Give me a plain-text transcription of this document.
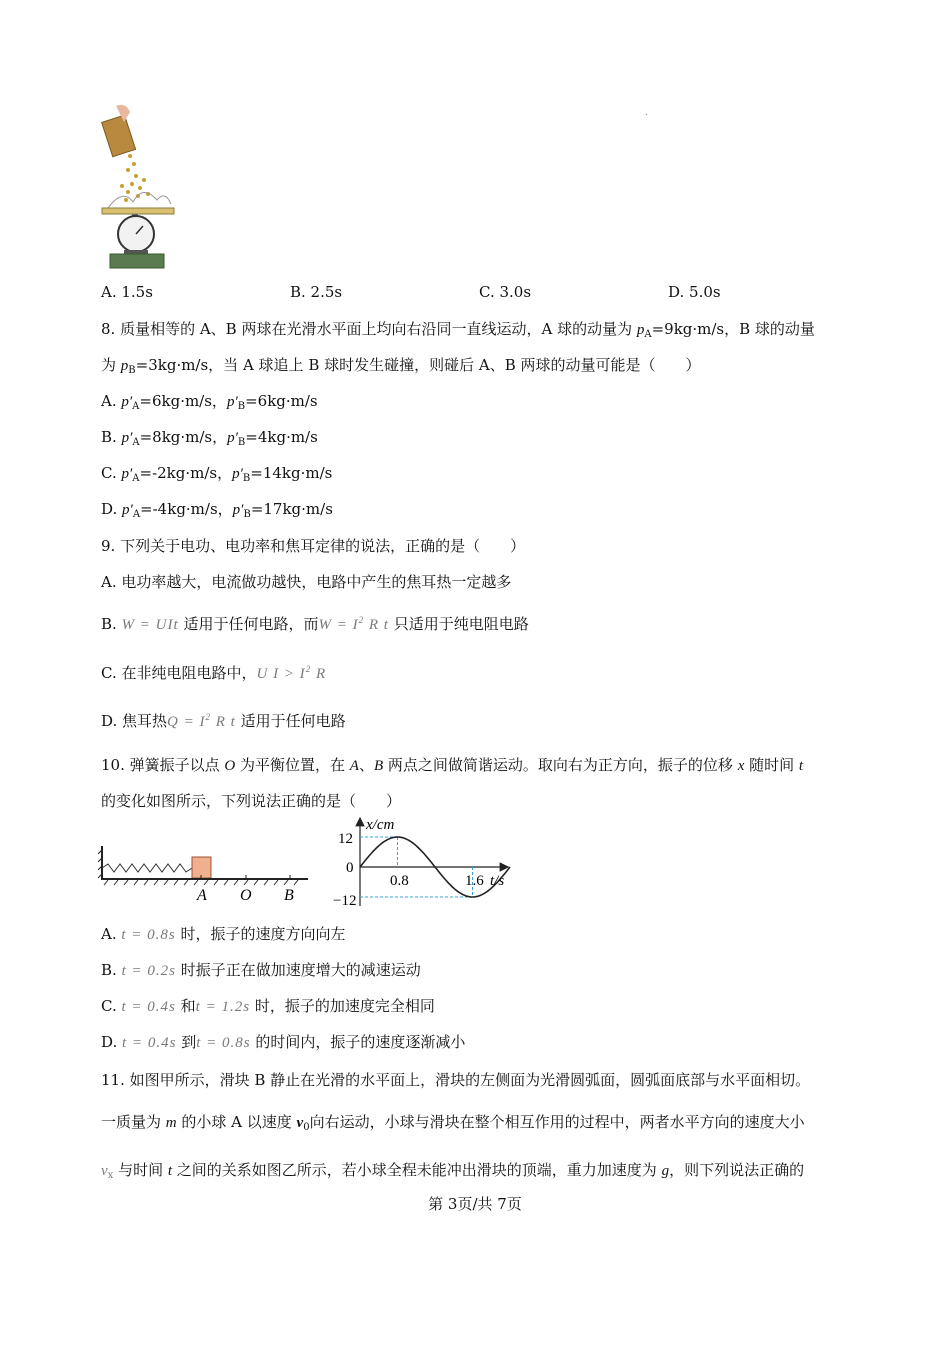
.
A. 1.5s	B. 2.5s	C. 3.0s	D. 5.0s
8. 质量相等的 A、B 两球在光滑水平面上均向右沿同一直线运动，A 球的动量为 $p_A=9kg\cdot m/s$，B 球的动量
为 $p_B=3kg\cdot m/s$，当 A 球追上 B 球时发生碰撞，则碰后 A、B 两球的动量可能是（　　）
A. $p'_A=6kg\cdot m/s$，$p'_B=6kg\cdot m/s$
B. $p'_A=8kg\cdot m/s$，$p'_B=4kg\cdot m/s$
C. $p'_A=-2kg\cdot m/s$，$p'_B=14kg\cdot m/s$
D. $p'_A=-4kg\cdot m/s$，$p'_B=17kg\cdot m/s$
9. 下列关于电功、电功率和焦耳定律的说法，正确的是（　　）
A. 电功率越大，电流做功越快，电路中产生的焦耳热一定越多
B. W = UIt 适用于任何电路，而$W = I^2$ R t 只适用于纯电阻电路
C. 在非纯电阻电路中，U $I > I^2$ R
D. 焦耳热$Q = I^2$ R t 适用于任何电路
10. 弹簧振子以点 O 为平衡位置，在 A、B 两点之间做简谐运动。取向右为正方向，振子的位移 x 随时间 t
的变化如图所示，下列说法正确的是（　　）
A O B
x/cm
t/s
12
0
−12
0.8	1.6
A. t = 0.8s 时，振子的速度方向向左
B. t = 0.2s 时振子正在做加速度增大的减速运动
C. t = 0.4s 和t = 1.2s 时，振子的加速度完全相同
D. t = 0.4s 到t = 0.8s 的时间内，振子的速度逐渐减小
11. 如图甲所示，滑块 B 静止在光滑的水平面上，滑块的左侧面为光滑圆弧面，圆弧面底部与水平面相切。
一质量为 m 的小球 A 以速度 $v_0$向右运动，小球与滑块在整个相互作用的过程中，两者水平方向的速度大小
$v_x$ 与时间 t 之间的关系如图乙所示，若小球全程未能冲出滑块的顶端，重力加速度为 g，则下列说法正确的
第 3页/共 7页
